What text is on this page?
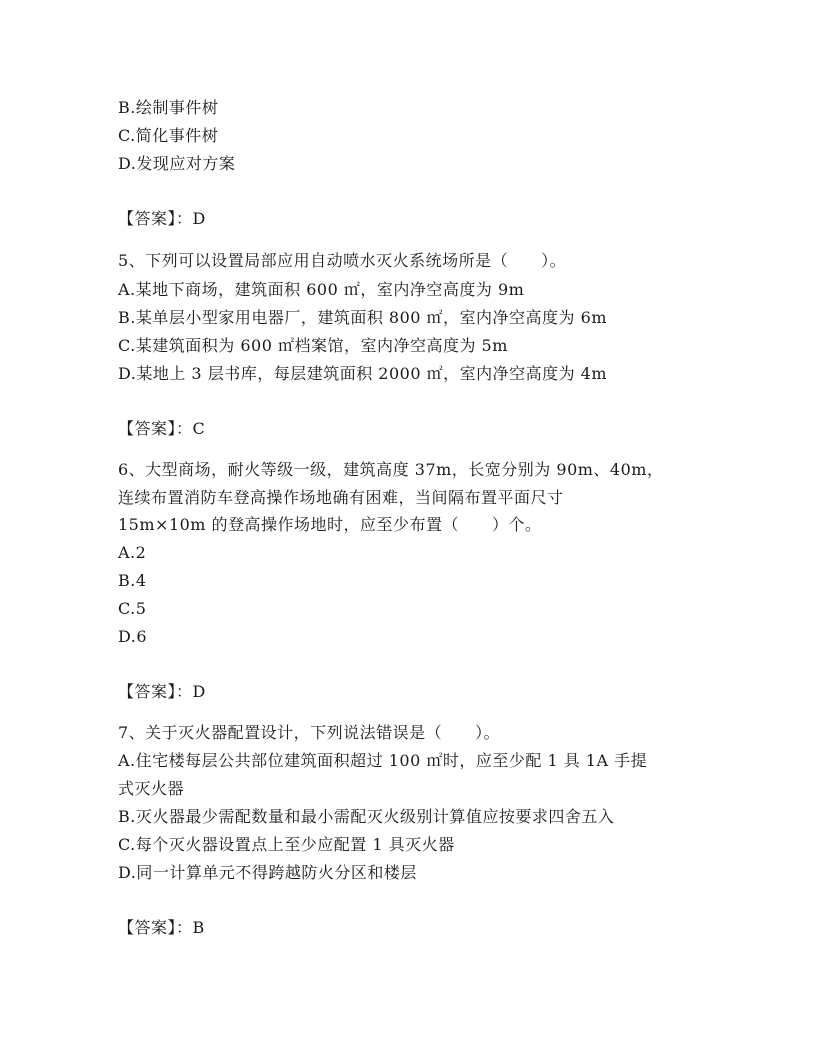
B.绘制事件树
C.简化事件树
D.发现应对方案
【答案】：D
5、下列可以设置局部应用自动喷水灭火系统场所是（　　）。
A.某地下商场，建筑面积 600 ㎡，室内净空高度为 9m
B.某单层小型家用电器厂，建筑面积 800 ㎡，室内净空高度为 6m
C.某建筑面积为 600 ㎡档案馆，室内净空高度为 5m
D.某地上 3 层书库，每层建筑面积 2000 ㎡，室内净空高度为 4m
【答案】：C
6、大型商场，耐火等级一级，建筑高度 37m，长宽分别为 90m、40m，
连续布置消防车登高操作场地确有困难，当间隔布置平面尺寸
15m×10m 的登高操作场地时，应至少布置（　　）个。
A.2
B.4
C.5
D.6
【答案】：D
7、关于灭火器配置设计，下列说法错误是（　　）。
A.住宅楼每层公共部位建筑面积超过 100 ㎡时，应至少配 1 具 1A 手提
式灭火器
B.灭火器最少需配数量和最小需配灭火级别计算值应按要求四舍五入
C.每个灭火器设置点上至少应配置 1 具灭火器
D.同一计算单元不得跨越防火分区和楼层
【答案】：B
